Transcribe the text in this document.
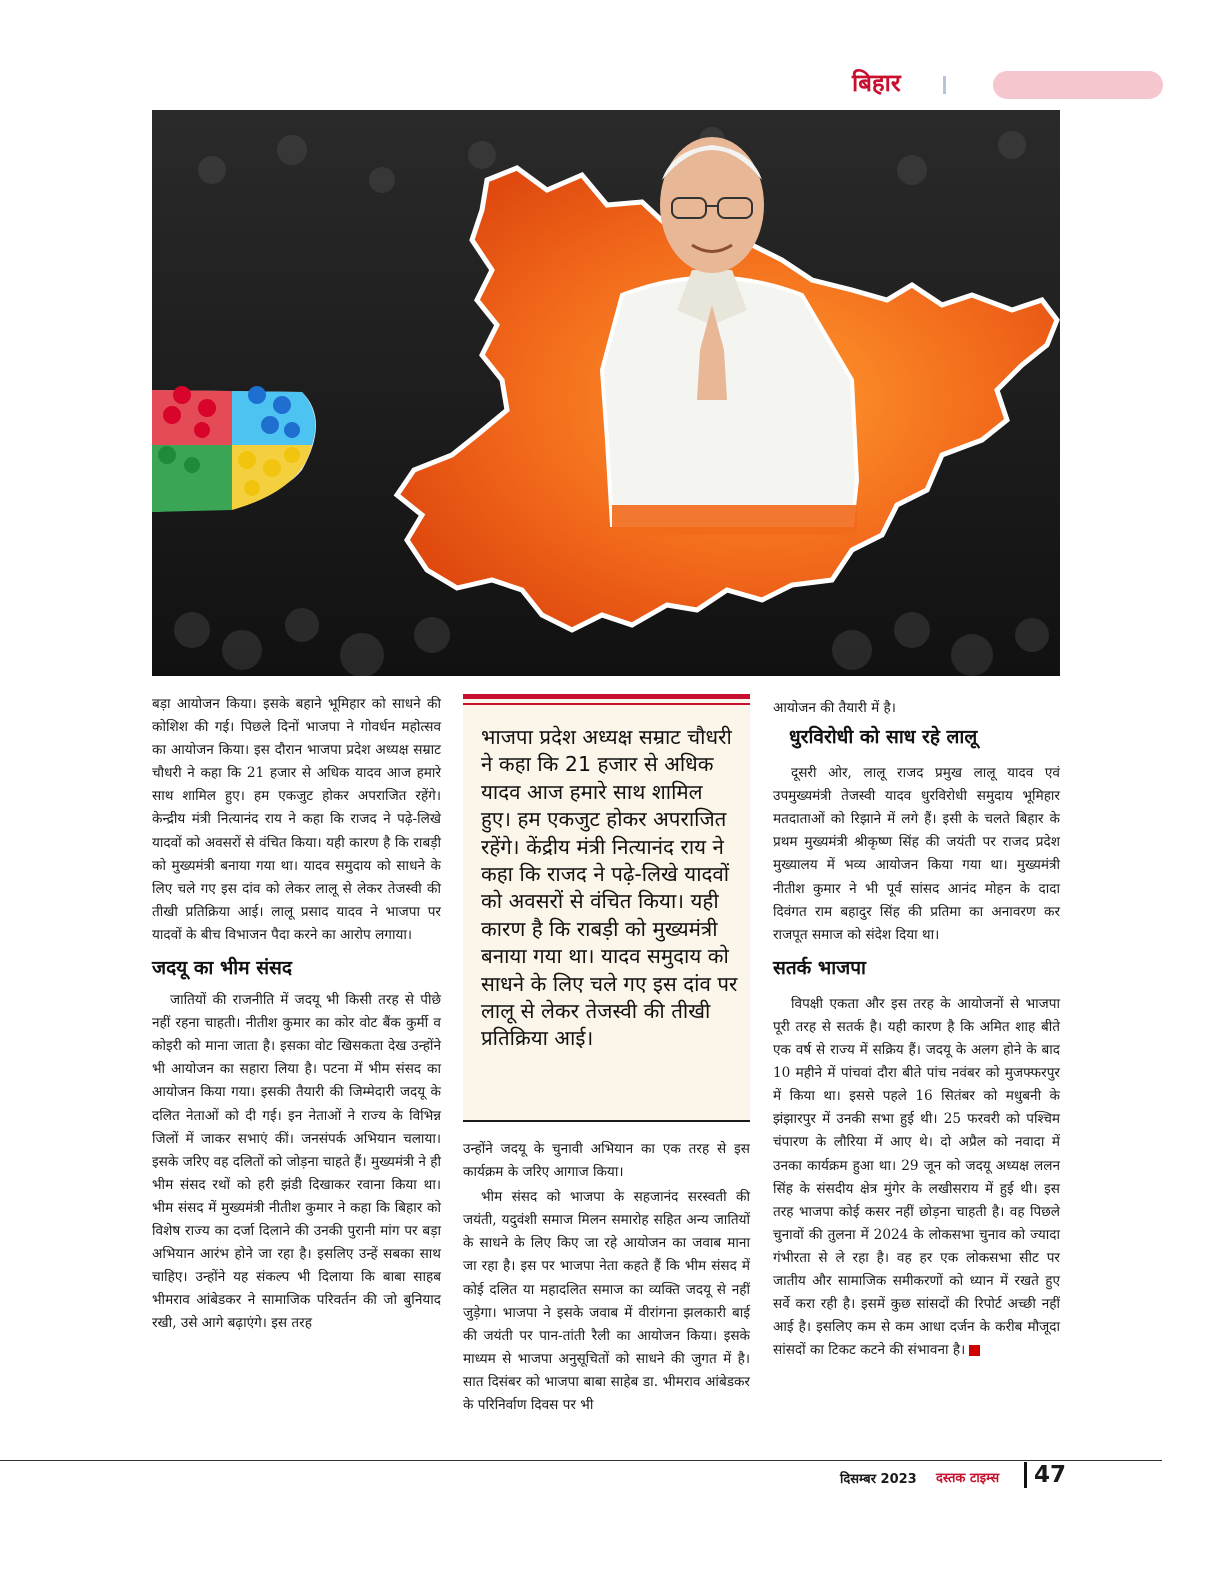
बिहार

बड़ा आयोजन किया। इसके बहाने भूमिहार को साधने की कोशिश की गई। पिछले दिनों भाजपा ने गोवर्धन महोत्सव का आयोजन किया। इस दौरान भाजपा प्रदेश अध्यक्ष सम्राट चौधरी ने कहा कि 21 हजार से अधिक यादव आज हमारे साथ शामिल हुए। हम एकजुट होकर अपराजित रहेंगे। केन्द्रीय मंत्री नित्यानंद राय ने कहा कि राजद ने पढ़े-लिखे यादवों को अवसरों से वंचित किया। यही कारण है कि राबड़ी को मुख्यमंत्री बनाया गया था। यादव समुदाय को साधने के लिए चले गए इस दांव को लेकर लालू से लेकर तेजस्वी की तीखी प्रतिक्रिया आई। लालू प्रसाद यादव ने भाजपा पर यादवों के बीच विभाजन पैदा करने का आरोप लगाया।

जदयू का भीम संसद

जातियों की राजनीति में जदयू भी किसी तरह से पीछे नहीं रहना चाहती। नीतीश कुमार का कोर वोट बैंक कुर्मी व कोइरी को माना जाता है। इसका वोट खिसकता देख उन्होंने भी आयोजन का सहारा लिया है। पटना में भीम संसद का आयोजन किया गया। इसकी तैयारी की जिम्मेदारी जदयू के दलित नेताओं को दी गई। इन नेताओं ने राज्य के विभिन्न जिलों में जाकर सभाएं कीं। जनसंपर्क अभियान चलाया। इसके जरिए वह दलितों को जोड़ना चाहते हैं। मुख्यमंत्री ने ही भीम संसद रथों को हरी झंडी दिखाकर रवाना किया था। भीम संसद में मुख्यमंत्री नीतीश कुमार ने कहा कि बिहार को विशेष राज्य का दर्जा दिलाने की उनकी पुरानी मांग पर बड़ा अभियान आरंभ होने जा रहा है। इसलिए उन्हें सबका साथ चाहिए। उन्होंने यह संकल्प भी दिलाया कि बाबा साहब भीमराव आंबेडकर ने सामाजिक परिवर्तन की जो बुनियाद रखी, उसे आगे बढ़ाएंगे। इस तरह

भाजपा प्रदेश अध्यक्ष सम्राट चौधरी ने कहा कि 21 हजार से अधिक यादव आज हमारे साथ शामिल हुए। हम एकजुट होकर अपराजित रहेंगे। केंद्रीय मंत्री नित्यानंद राय ने कहा कि राजद ने पढ़े-लिखे यादवों को अवसरों से वंचित किया। यही कारण है कि राबड़ी को मुख्यमंत्री बनाया गया था। यादव समुदाय को साधने के लिए चले गए इस दांव पर लालू से लेकर तेजस्वी की तीखी प्रतिक्रिया आई।

उन्होंने जदयू के चुनावी अभियान का एक तरह से इस कार्यक्रम के जरिए आगाज किया।

भीम संसद को भाजपा के सहजानंद सरस्वती की जयंती, यदुवंशी समाज मिलन समारोह सहित अन्य जातियों के साधने के लिए किए जा रहे आयोजन का जवाब माना जा रहा है। इस पर भाजपा नेता कहते हैं कि भीम संसद में कोई दलित या महादलित समाज का व्यक्ति जदयू से नहीं जुड़ेगा। भाजपा ने इसके जवाब में वीरांगना झलकारी बाई की जयंती पर पान-तांती रैली का आयोजन किया। इसके माध्यम से भाजपा अनुसूचितों को साधने की जुगत में है। सात दिसंबर को भाजपा बाबा साहेब डा. भीमराव आंबेडकर के परिनिर्वाण दिवस पर भी

आयोजन की तैयारी में है।

धुरविरोधी को साध रहे लालू

दूसरी ओर, लालू राजद प्रमुख लालू यादव एवं उपमुख्यमंत्री तेजस्वी यादव धुरविरोधी समुदाय भूमिहार मतदाताओं को रिझाने में लगे हैं। इसी के चलते बिहार के प्रथम मुख्यमंत्री श्रीकृष्ण सिंह की जयंती पर राजद प्रदेश मुख्यालय में भव्य आयोजन किया गया था। मुख्यमंत्री नीतीश कुमार ने भी पूर्व सांसद आनंद मोहन के दादा दिवंगत राम बहादुर सिंह की प्रतिमा का अनावरण कर राजपूत समाज को संदेश दिया था।

सतर्क भाजपा

विपक्षी एकता और इस तरह के आयोजनों से भाजपा पूरी तरह से सतर्क है। यही कारण है कि अमित शाह बीते एक वर्ष से राज्य में सक्रिय हैं। जदयू के अलग होने के बाद 10 महीने में पांचवां दौरा बीते पांच नवंबर को मुजफ्फरपुर में किया था। इससे पहले 16 सितंबर को मधुबनी के झंझारपुर में उनकी सभा हुई थी। 25 फरवरी को पश्चिम चंपारण के लौरिया में आए थे। दो अप्रैल को नवादा में उनका कार्यक्रम हुआ था। 29 जून को जदयू अध्यक्ष ललन सिंह के संसदीय क्षेत्र मुंगेर के लखीसराय में हुई थी। इस तरह भाजपा कोई कसर नहीं छोड़ना चाहती है। वह पिछले चुनावों की तुलना में 2024 के लोकसभा चुनाव को ज्यादा गंभीरता से ले रहा है। वह हर एक लोकसभा सीट पर जातीय और सामाजिक समीकरणों को ध्यान में रखते हुए सर्वे करा रही है। इसमें कुछ सांसदों की रिपोर्ट अच्छी नहीं आई है। इसलिए कम से कम आधा दर्जन के करीब मौजूदा सांसदों का टिकट कटने की संभावना है।

दिसम्बर 2023 दस्तक टाइम्स 47
